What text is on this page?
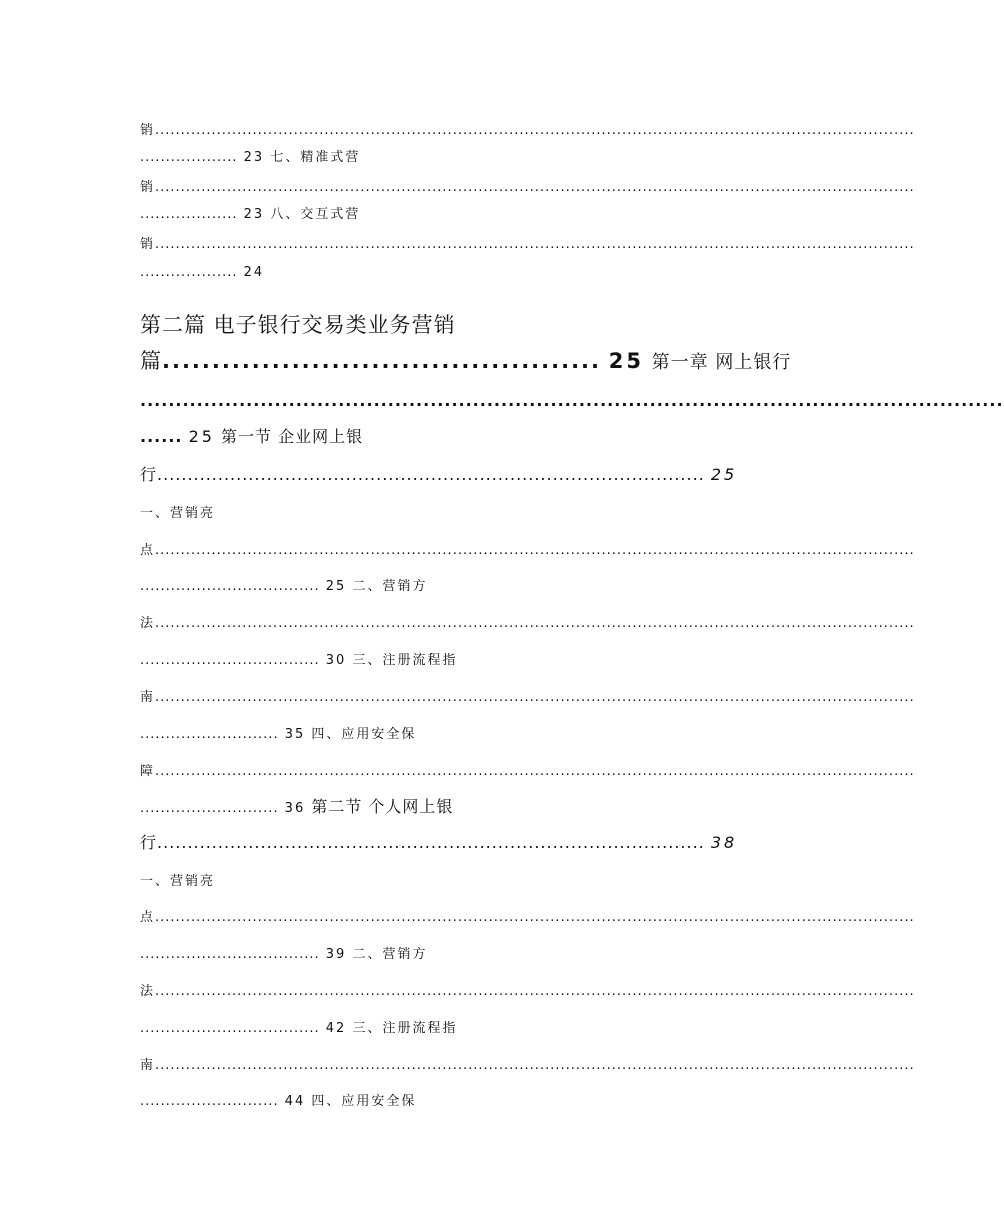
销....................................................................................................................................................
................... 23 七、精准式营
销....................................................................................................................................................
................... 23 八、交互式营
销....................................................................................................................................................
................... 24
第二篇 电子银行交易类业务营销
篇............................................ 25 第一章 网上银行
..........................................................................................................................
...... 25 第一节 企业网上银
行.......................................................................................... 25
一、营销亮
点....................................................................................................................................................
................................... 25 二、营销方
法....................................................................................................................................................
................................... 30 三、注册流程指
南....................................................................................................................................................
........................... 35 四、应用安全保
障....................................................................................................................................................
........................... 36 第二节 个人网上银
行.......................................................................................... 38
一、营销亮
点....................................................................................................................................................
................................... 39 二、营销方
法....................................................................................................................................................
................................... 42 三、注册流程指
南....................................................................................................................................................
........................... 44 四、应用安全保
